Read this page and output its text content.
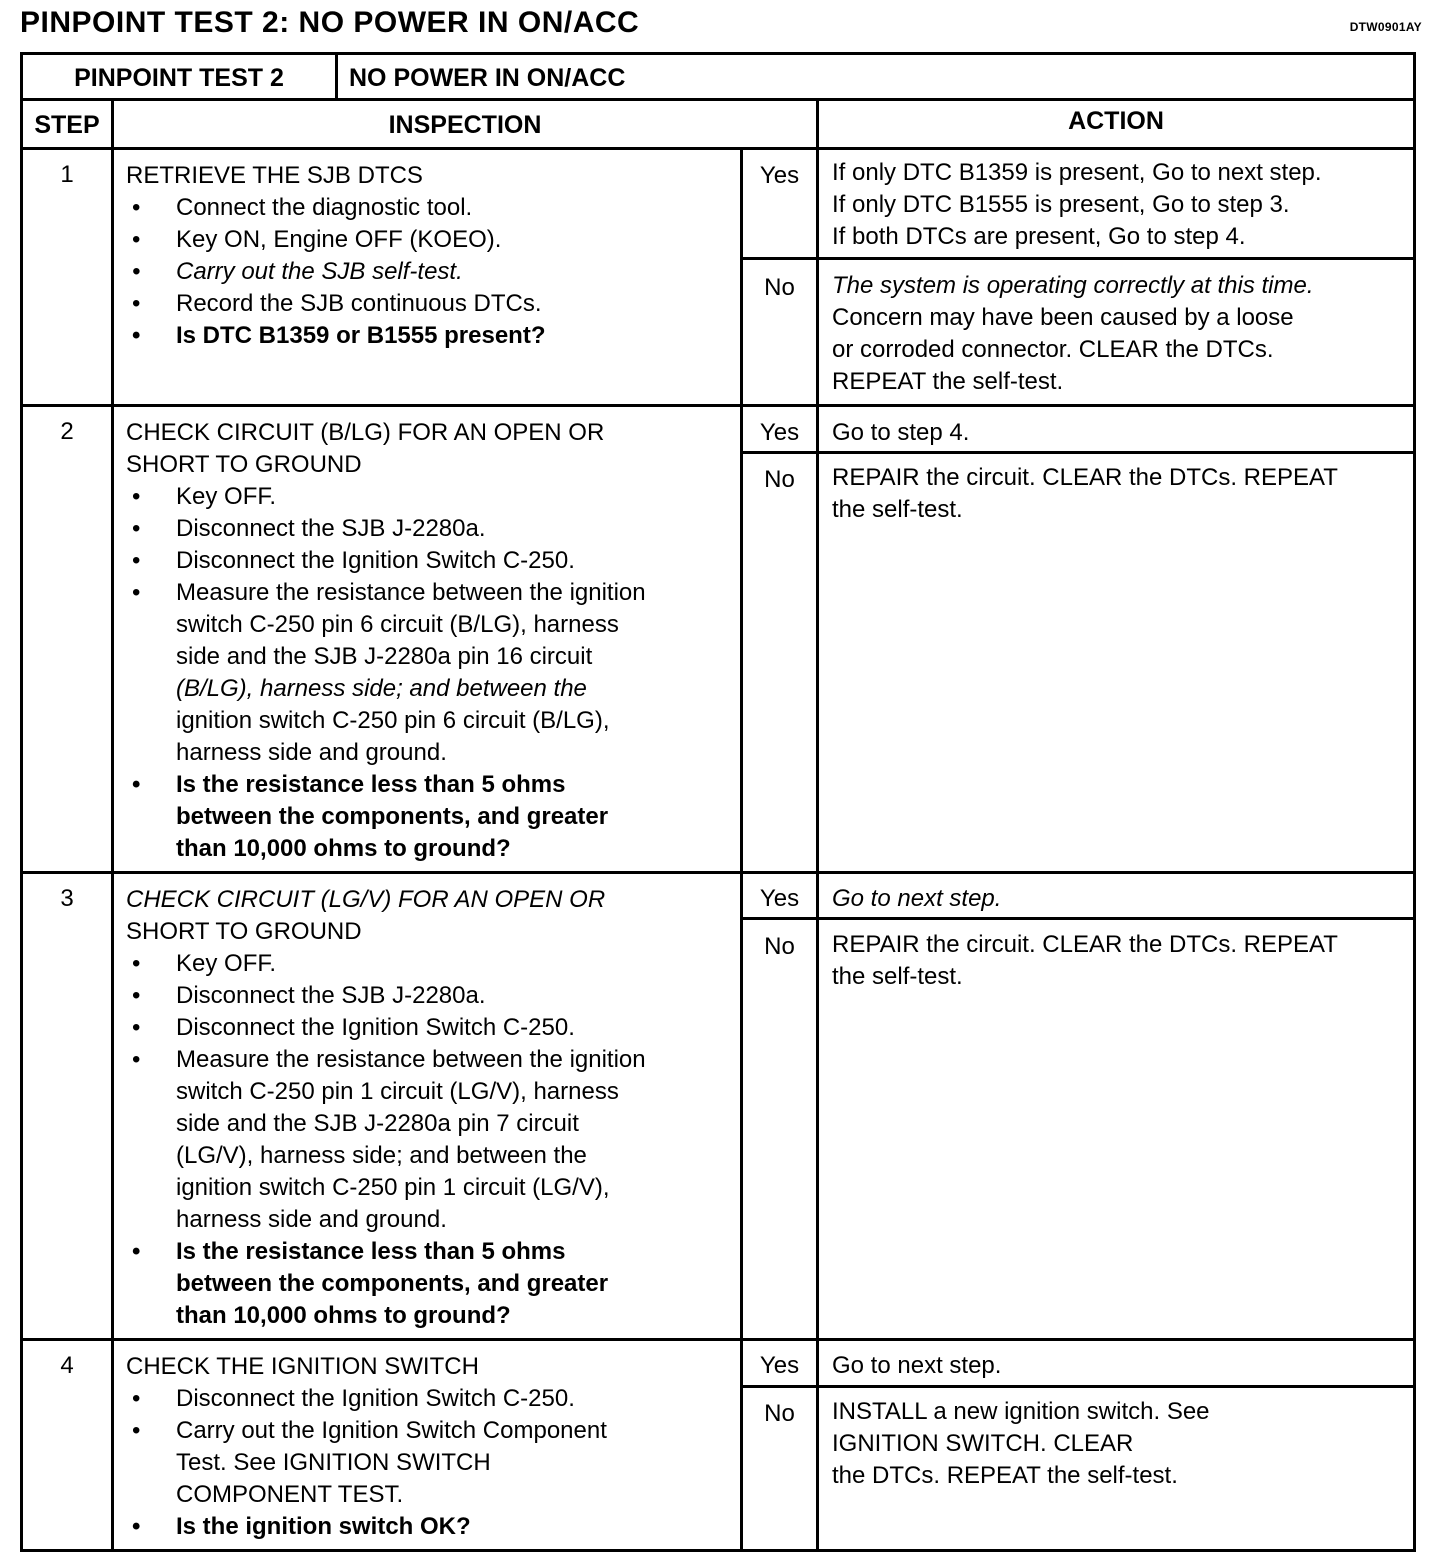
PINPOINT TEST 2: NO POWER IN ON/ACC	DTW0901AY
PINPOINT TEST 2	NO POWER IN ON/ACC
STEP	INSPECTION	ACTION
1	RETRIEVE THE SJB DTCS
• Connect the diagnostic tool.
• Key ON, Engine OFF (KOEO).
• Carry out the SJB self-test.
• Record the SJB continuous DTCs.
• Is DTC B1359 or B1555 present?
Yes	If only DTC B1359 is present, Go to next step.
If only DTC B1555 is present, Go to step 3.
If both DTCs are present, Go to step 4.
No	The system is operating correctly at this time.
Concern may have been caused by a loose
or corroded connector. CLEAR the DTCs.
REPEAT the self-test.
2	CHECK CIRCUIT (B/LG) FOR AN OPEN OR
SHORT TO GROUND
• Key OFF.
• Disconnect the SJB J-2280a.
• Disconnect the Ignition Switch C-250.
• Measure the resistance between the ignition
switch C-250 pin 6 circuit (B/LG), harness
side and the SJB J-2280a pin 16 circuit
(B/LG), harness side; and between the
ignition switch C-250 pin 6 circuit (B/LG),
harness side and ground.
• Is the resistance less than 5 ohms
between the components, and greater
than 10,000 ohms to ground?
Yes	Go to step 4.
No	REPAIR the circuit. CLEAR the DTCs. REPEAT
the self-test.
3	CHECK CIRCUIT (LG/V) FOR AN OPEN OR
SHORT TO GROUND
• Key OFF.
• Disconnect the SJB J-2280a.
• Disconnect the Ignition Switch C-250.
• Measure the resistance between the ignition
switch C-250 pin 1 circuit (LG/V), harness
side and the SJB J-2280a pin 7 circuit
(LG/V), harness side; and between the
ignition switch C-250 pin 1 circuit (LG/V),
harness side and ground.
• Is the resistance less than 5 ohms
between the components, and greater
than 10,000 ohms to ground?
Yes	Go to next step.
No	REPAIR the circuit. CLEAR the DTCs. REPEAT
the self-test.
4	CHECK THE IGNITION SWITCH
• Disconnect the Ignition Switch C-250.
• Carry out the Ignition Switch Component
Test. See IGNITION SWITCH
COMPONENT TEST.
• Is the ignition switch OK?
Yes	Go to next step.
No	INSTALL a new ignition switch. See
IGNITION SWITCH. CLEAR
the DTCs. REPEAT the self-test.
